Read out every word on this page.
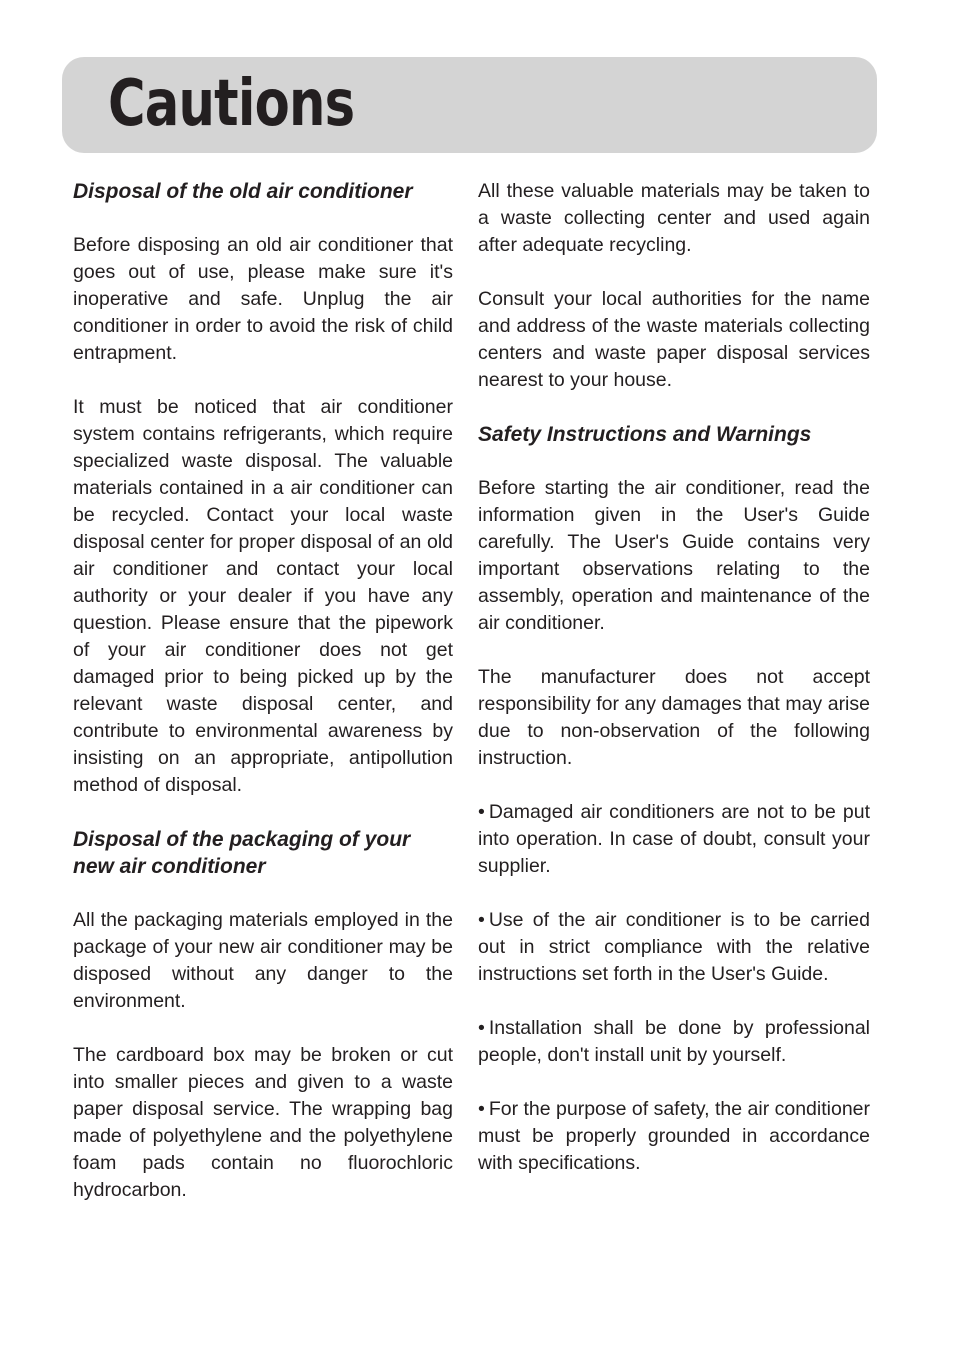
Cautions
Disposal of the old air conditioner

Before disposing an old air conditioner that goes out of use, please make sure it's inoperative and safe. Unplug the air conditioner in order to avoid the risk of child entrapment.

It must be noticed that air conditioner system contains refrigerants, which require specialized waste disposal. The valuable materials contained in a air conditioner can be recycled. Contact your local waste disposal center for proper disposal of an old air conditioner and contact your local authority or your dealer if you have any question. Please ensure that the pipework of your air conditioner does not get damaged prior to being picked up by the relevant waste disposal center, and contribute to environmental awareness by insisting on an appropriate, antipollution method of disposal.

Disposal of the packaging of your new air conditioner

All the packaging materials employed in the package of your new air conditioner may be disposed without any danger to the environment.

The cardboard box may be broken or cut into smaller pieces and given to a waste paper disposal service. The wrapping bag made of polyethylene and the polyethylene foam pads contain no fluorochloric hydrocarbon.

All these valuable materials may be taken to a waste collecting center and used again after adequate recycling.

Consult your local authorities for the name and address of the waste materials collecting centers and waste paper disposal services nearest to your house.

Safety Instructions and Warnings

Before starting the air conditioner, read the information given in the User's Guide carefully. The User's Guide contains very important observations relating to the assembly, operation and maintenance of the air conditioner.

The manufacturer does not accept responsibility for any damages that may arise due to non-observation of the following instruction.

• Damaged air conditioners are not to be put into operation. In case of doubt, consult your supplier.

• Use of the air conditioner is to be carried out in strict compliance with the relative instructions set forth in the User's Guide.

• Installation shall be done by professional people, don't install unit by yourself.

• For the purpose of safety, the air conditioner must be properly grounded in accordance with specifications.
